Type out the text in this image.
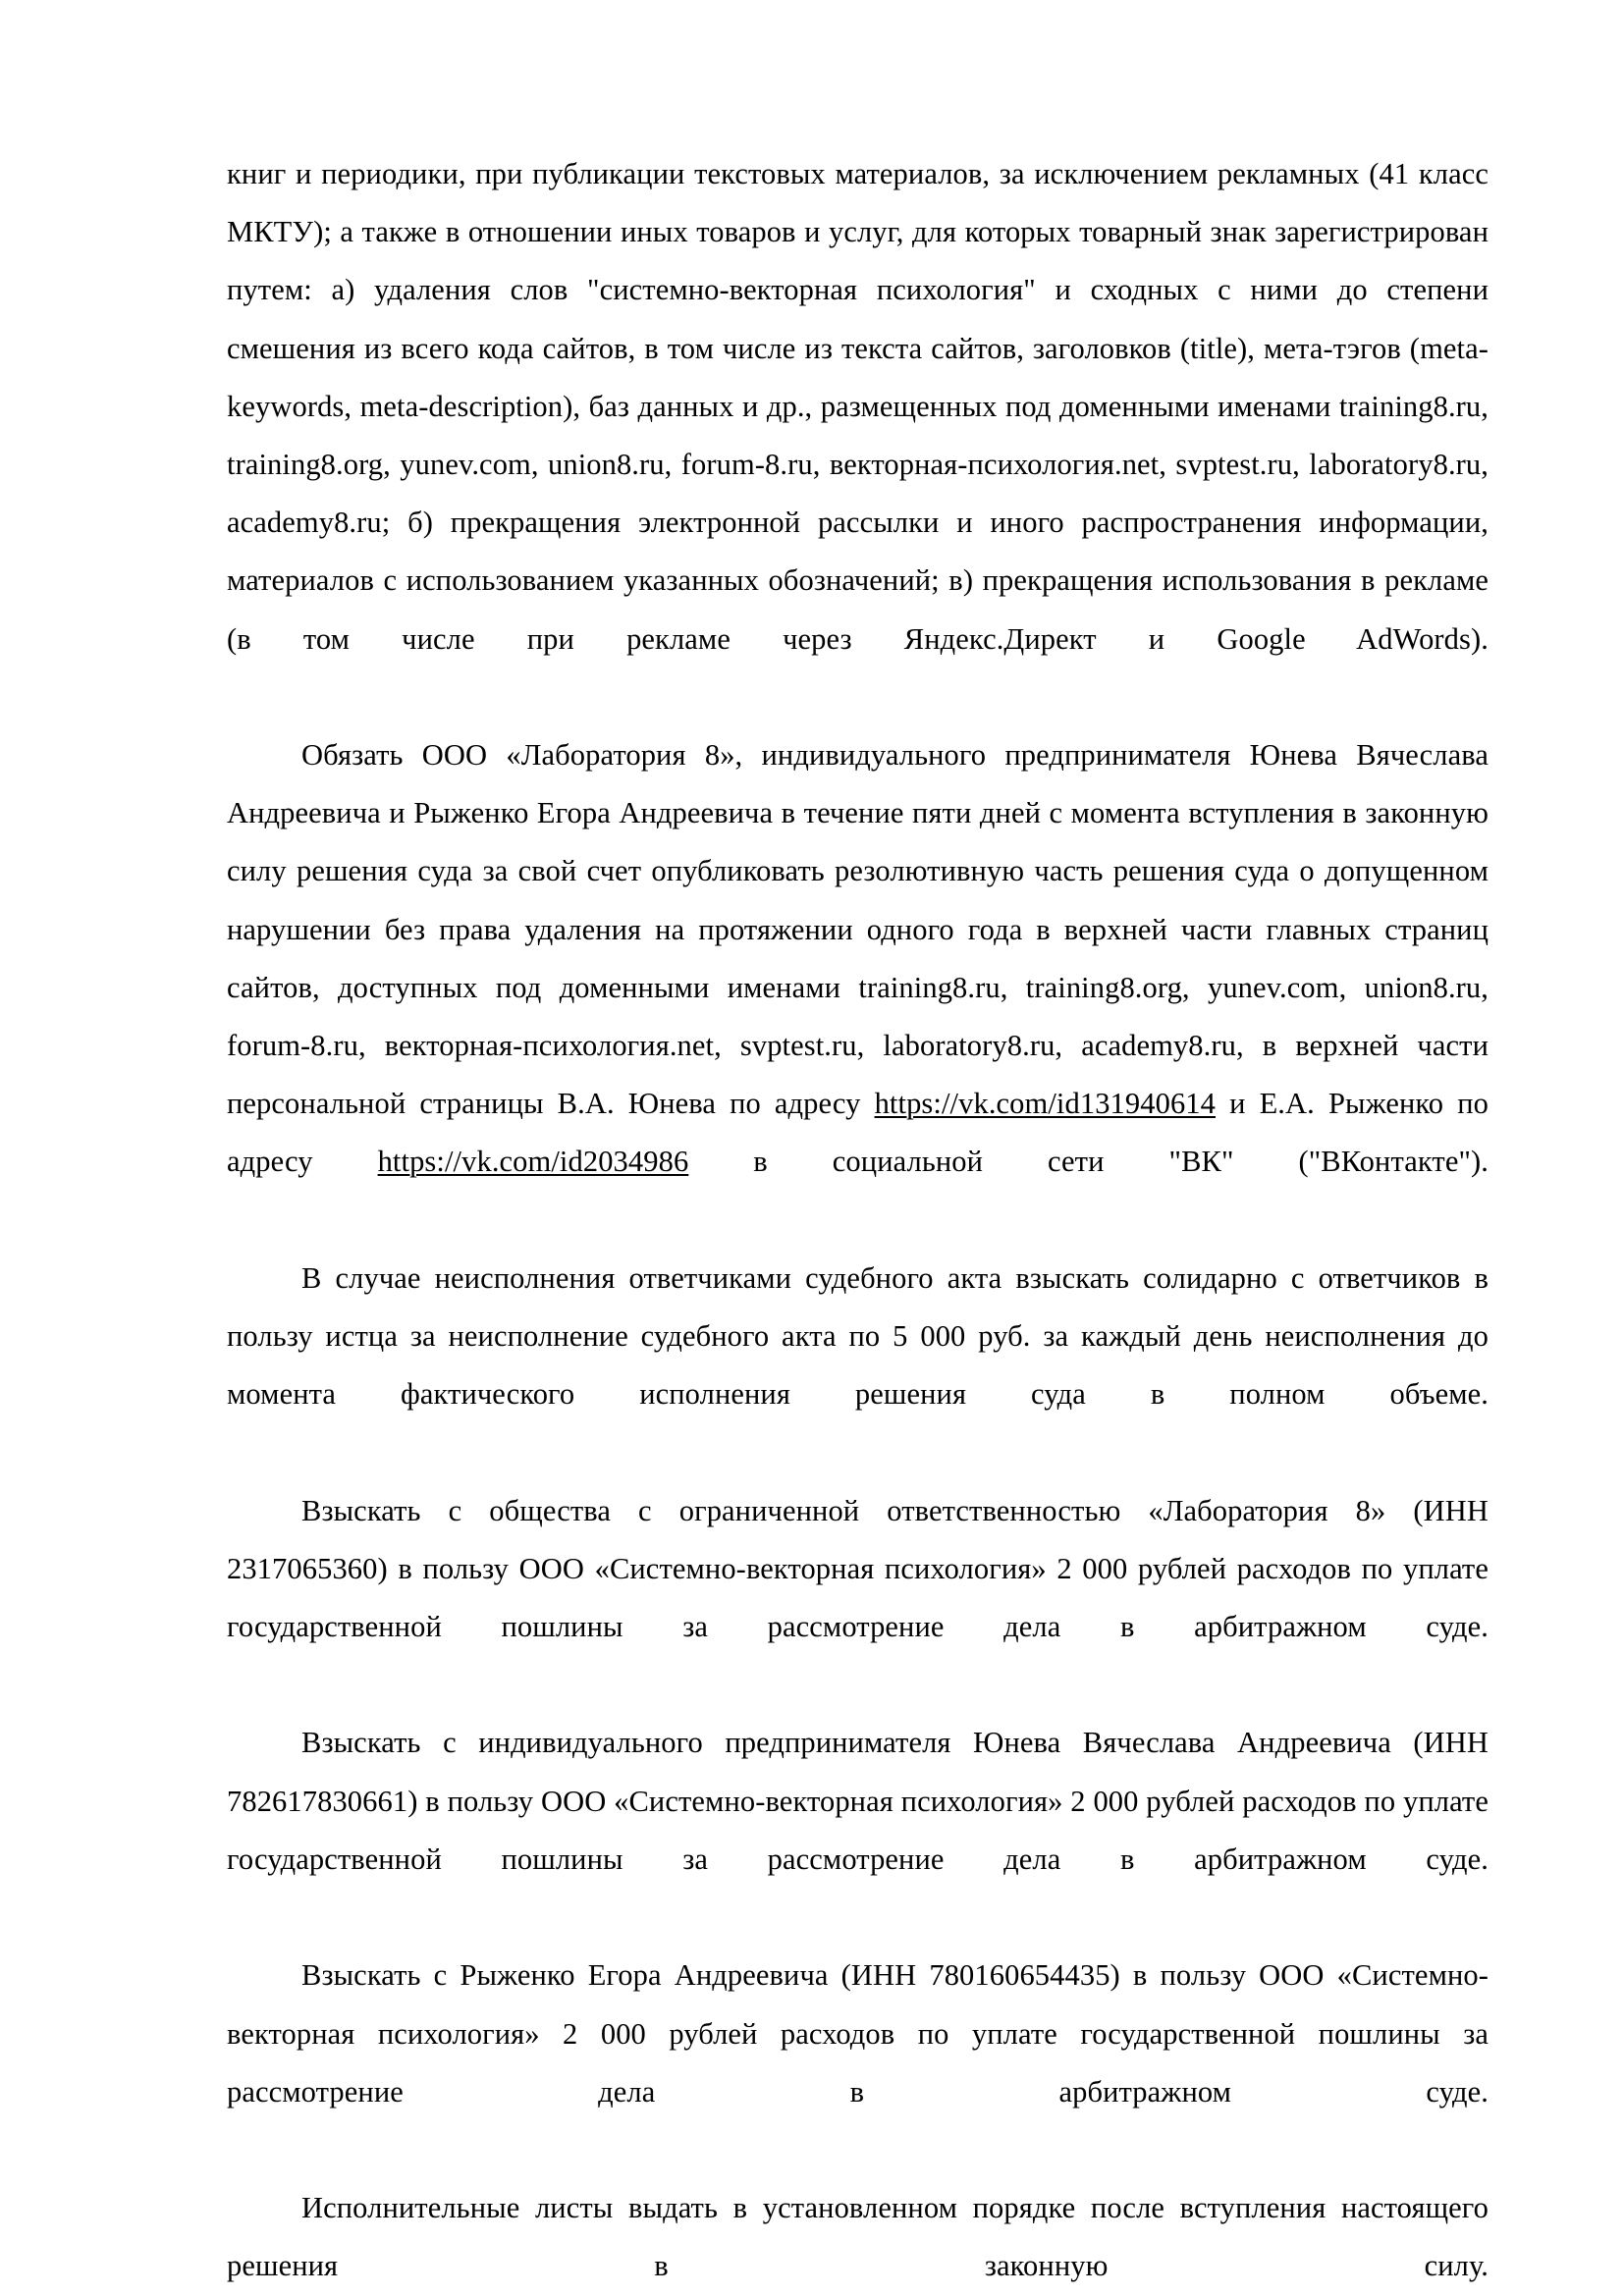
книг и периодики, при публикации текстовых материалов, за исключением рекламных (41 класс МКТУ); а также в отношении иных товаров и услуг, для которых товарный знак зарегистрирован путем: а) удаления слов "системно-векторная психология" и сходных с ними до степени смешения из всего кода сайтов, в том числе из текста сайтов, заголовков (title), мета-тэгов (meta-keywords, meta-description), баз данных и др., размещенных под доменными именами training8.ru, training8.org, yunev.com, union8.ru, forum-8.ru, векторная-психология.net, svptest.ru, laboratory8.ru, academy8.ru; б) прекращения электронной рассылки и иного распространения информации, материалов с использованием указанных обозначений; в) прекращения использования в рекламе (в том числе при рекламе через Яндекс.Директ и Google AdWords).

Обязать ООО «Лаборатория 8», индивидуального предпринимателя Юнева Вячеслава Андреевича и Рыженко Егора Андреевича в течение пяти дней с момента вступления в законную силу решения суда за свой счет опубликовать резолютивную часть решения суда о допущенном нарушении без права удаления на протяжении одного года в верхней части главных страниц сайтов, доступных под доменными именами training8.ru, training8.org, yunev.com, union8.ru, forum-8.ru, векторная-психология.net, svptest.ru, laboratory8.ru, academy8.ru, в верхней части персональной страницы В.А. Юнева по адресу https://vk.com/id131940614 и Е.А. Рыженко по адресу https://vk.com/id2034986 в социальной сети "ВК" ("ВКонтакте").

В случае неисполнения ответчиками судебного акта взыскать солидарно с ответчиков в пользу истца за неисполнение судебного акта по 5 000 руб. за каждый день неисполнения до момента фактического исполнения решения суда в полном объеме.

Взыскать с общества с ограниченной ответственностью «Лаборатория 8» (ИНН 2317065360) в пользу ООО «Системно-векторная психология» 2 000 рублей расходов по уплате государственной пошлины за рассмотрение дела в арбитражном суде.

Взыскать с индивидуального предпринимателя Юнева Вячеслава Андреевича (ИНН 782617830661) в пользу ООО «Системно-векторная психология» 2 000 рублей расходов по уплате государственной пошлины за рассмотрение дела в арбитражном суде.

Взыскать с Рыженко Егора Андреевича (ИНН 780160654435) в пользу ООО «Системно-векторная психология» 2 000 рублей расходов по уплате государственной пошлины за рассмотрение дела в арбитражном суде.

Исполнительные листы выдать в установленном порядке после вступления настоящего решения в законную силу.
